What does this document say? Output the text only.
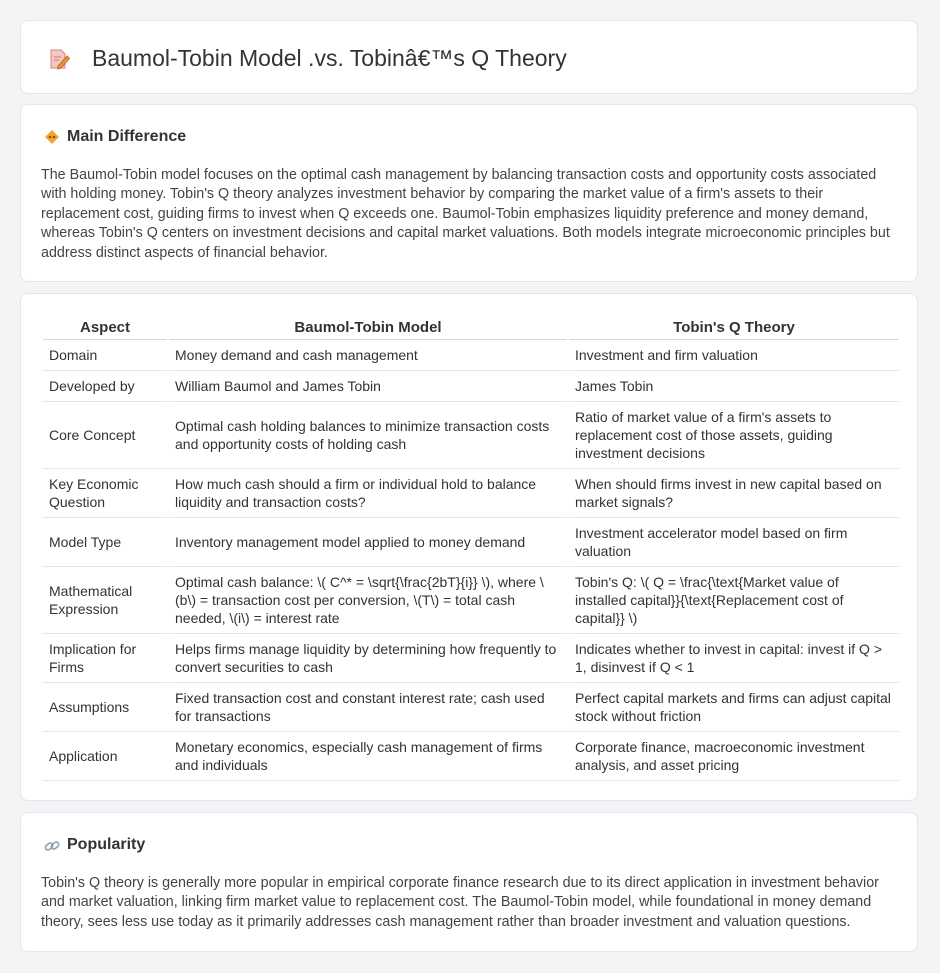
Baumol-Tobin Model .vs. Tobinâ€™s Q Theory
Main Difference

The Baumol-Tobin model focuses on the optimal cash management by balancing transaction costs and opportunity costs associated with holding money. Tobin's Q theory analyzes investment behavior by comparing the market value of a firm's assets to their replacement cost, guiding firms to invest when Q exceeds one. Baumol-Tobin emphasizes liquidity preference and money demand, whereas Tobin's Q centers on investment decisions and capital market valuations. Both models integrate microeconomic principles but address distinct aspects of financial behavior.

Aspect	Baumol-Tobin Model	Tobin's Q Theory
Domain	Money demand and cash management	Investment and firm valuation
Developed by	William Baumol and James Tobin	James Tobin
Core Concept	Optimal cash holding balances to minimize transaction costs and opportunity costs of holding cash	Ratio of market value of a firm's assets to replacement cost of those assets, guiding investment decisions
Key Economic Question	How much cash should a firm or individual hold to balance liquidity and transaction costs?	When should firms invest in new capital based on market signals?
Model Type	Inventory management model applied to money demand	Investment accelerator model based on firm valuation
Mathematical Expression	Optimal cash balance: \( C^* = \sqrt{\frac{2bT}{i}} \), where \(b\) = transaction cost per conversion, \(T\) = total cash needed, \(i\) = interest rate	Tobin's Q: \( Q = \frac{\text{Market value of installed capital}}{\text{Replacement cost of capital}} \)
Implication for Firms	Helps firms manage liquidity by determining how frequently to convert securities to cash	Indicates whether to invest in capital: invest if Q > 1, disinvest if Q < 1
Assumptions	Fixed transaction cost and constant interest rate; cash used for transactions	Perfect capital markets and firms can adjust capital stock without friction
Application	Monetary economics, especially cash management of firms and individuals	Corporate finance, macroeconomic investment analysis, and asset pricing
Popularity

Tobin's Q theory is generally more popular in empirical corporate finance research due to its direct application in investment behavior and market valuation, linking firm market value to replacement cost. The Baumol-Tobin model, while foundational in money demand theory, sees less use today as it primarily addresses cash management rather than broader investment and valuation questions.
